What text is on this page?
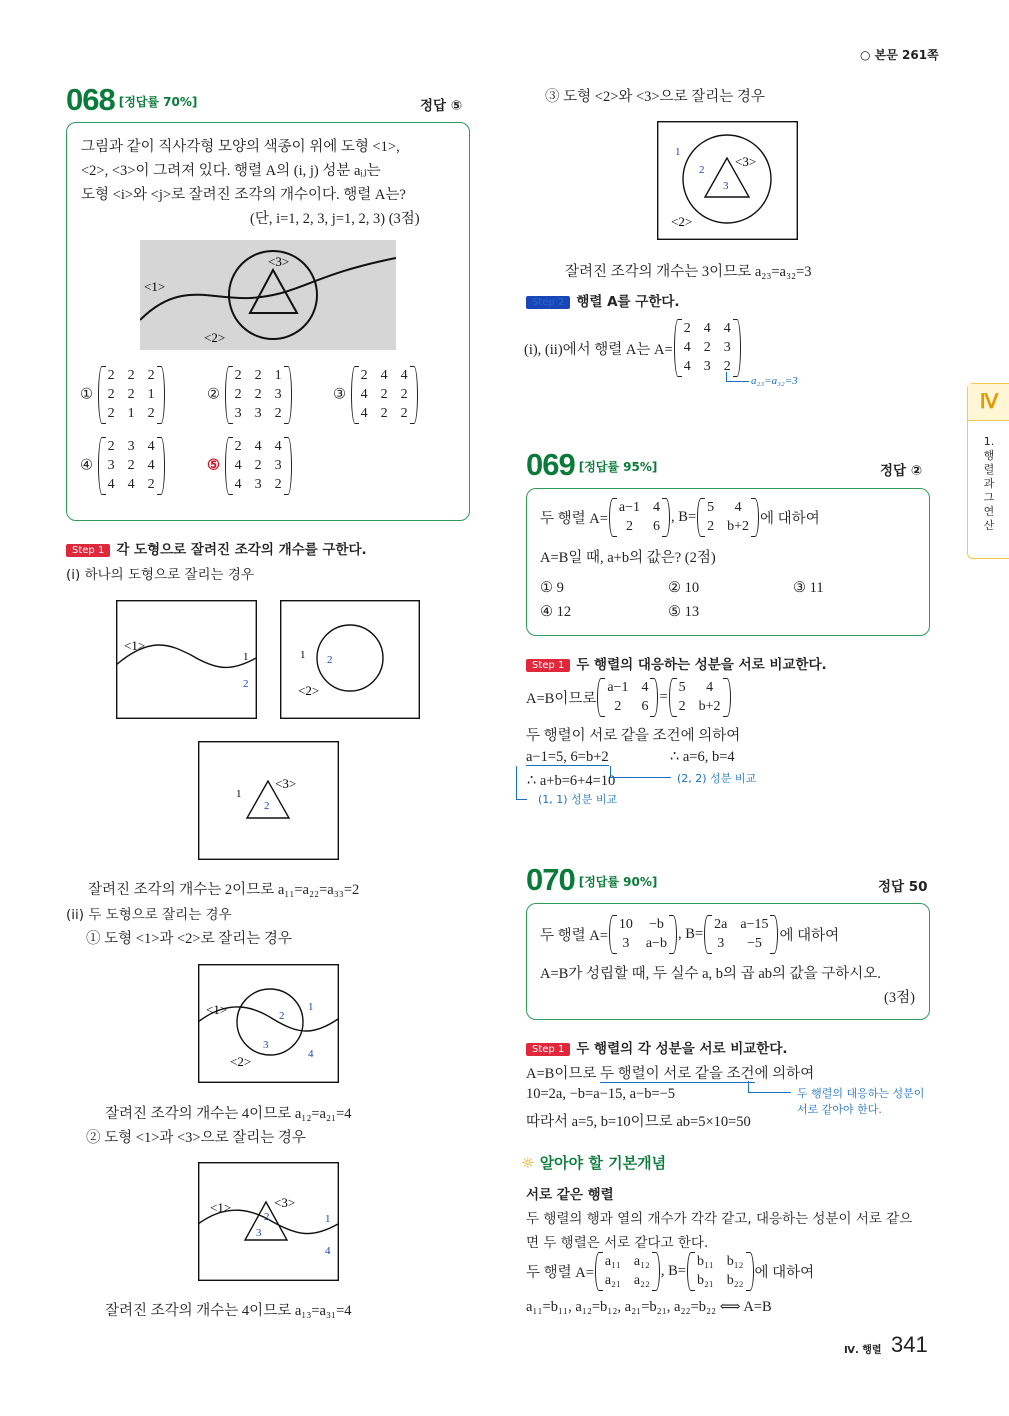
○ 본문 261쪽
068 [정답률 70%]	정답 ⑤
그림과 같이 직사각형 모양의 색종이 위에 도형 <1>,
<2>, <3>이 그려져 있다. 행렬 A의 (i, j) 성분 aᵢⱼ는
도형 <i>와 <j>로 잘려진 조각의 개수이다. 행렬 A는?
(단, i=1, 2, 3, j=1, 2, 3) (3점)
<1>
<2>
<3>
①
2 2 2
2 2 1
2 1 2
②
2 2 1
2 2 3
3 3 2
③
2 4 4
4 2 2
4 2 2
④
2 3 4
3 2 4
4 4 2
⑤
2 4 4
4 2 3
4 3 2
Step 1 각 도형으로 잘려진 조각의 개수를 구한다.
(i) 하나의 도형으로 잘리는 경우
<1>
1
2
1 2
<2>
1
2
<3>
잘려진 조각의 개수는 2이므로 a₁₁=a₂₂=a₃₃=2
(ii) 두 도형으로 잘리는 경우
① 도형 <1>과 <2>로 잘리는 경우
<1>
<2>
1
2
3
4
잘려진 조각의 개수는 4이므로 a₁₂=a₂₁=4
② 도형 <1>과 <3>으로 잘리는 경우
<1>	<3>
1
2
3
4
잘려진 조각의 개수는 4이므로 a₁₃=a₃₁=4
③ 도형 <2>와 <3>으로 잘리는 경우
1
2
3
<3>
<2>
잘려진 조각의 개수는 3이므로 a₂₃=a₃₂=3
Step 2 행렬 A를 구한다.
(i), (ii)에서 행렬 A는 A=
2 4 4
4 2 3
4 3 2
a₂₃=a₃₂=3
Ⅳ
1. 행렬과 그 연산
069 [정답률 95%]	정답 ②
두 행렬 A=
a−1 4
2	6
, B=
5	4
2 b+2 에 대하여
A=B일 때, a+b의 값은? (2점)
① 9	② 10	③ 11
④ 12	⑤ 13
Step 1 두 행렬의 대응하는 성분을 서로 비교한다.
A=B이므로
a−1 4
2	6
=
5	4
2 b+2
두 행렬이 서로 같을 조건에 의하여
a−1=5, 6=b+2	∴ a=6, b=4
∴ a+b=6+4=10
(1, 1) 성분 비교
(2, 2) 성분 비교
070 [정답률 90%]	정답 50
두 행렬 A=
10 −b
3 a−b
, B=
2a a−15
3	−5	에 대하여
A=B가 성립할 때, 두 실수 a, b의 곱 ab의 값을 구하시오.
(3점)
Step 1 두 행렬의 각 성분을 서로 비교한다.
A=B이므로 두 행렬이 서로 같을 조건에 의하여
10=2a, −b=a−15, a−b=−5
따라서 a=5, b=10이므로 ab=5×10=50
두 행렬의 대응하는 성분이
서로 같아야 한다.
☼ 알아야 할 기본개념
서로 같은 행렬
두 행렬의 행과 열의 개수가 각각 같고, 대응하는 성분이 서로 같으
면 두 행렬은 서로 같다고 한다.
두 행렬 A=
a₁₁ a₁₂
a₂₁ a₂₂
, B=
b₁₁ b₁₂
b₂₁ b₂₂ 에 대하여
a₁₁=b₁₁, a₁₂=b₁₂, a₂₁=b₂₁, a₂₂=b₂₂ ⟺ A=B
Ⅳ. 행렬 341
